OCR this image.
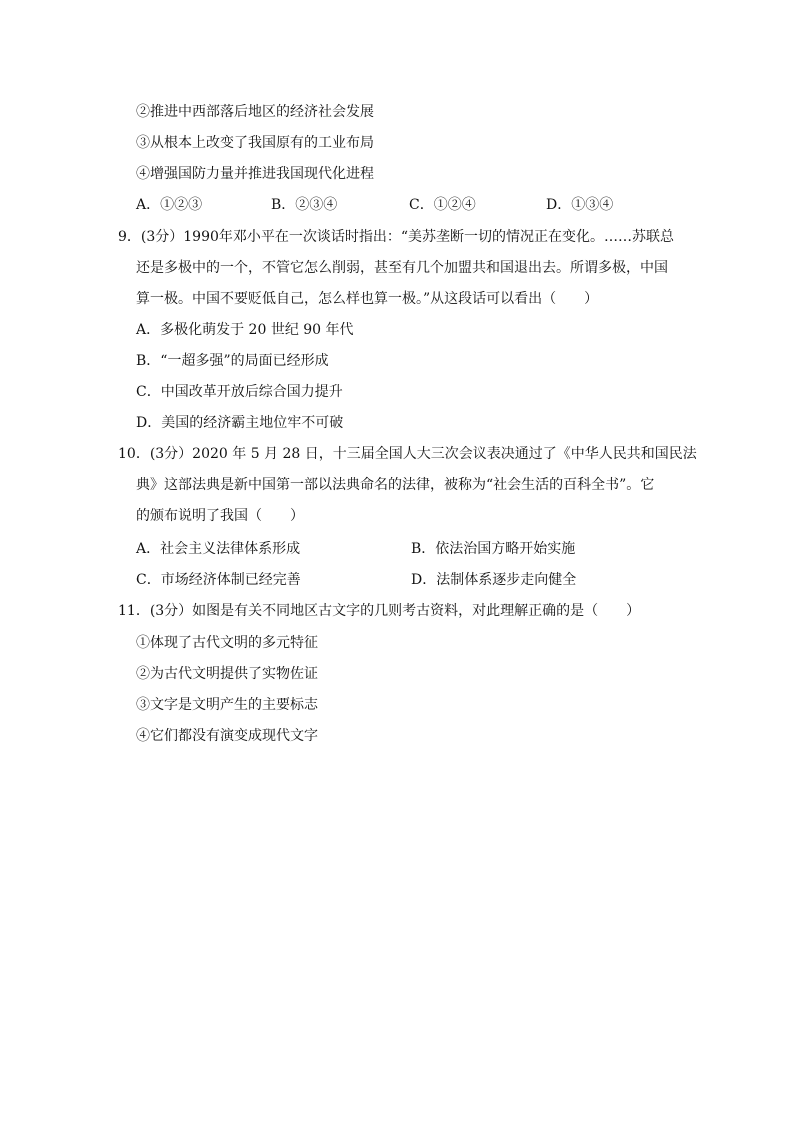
②推进中西部落后地区的经济社会发展
③从根本上改变了我国原有的工业布局
④增强国防力量并推进我国现代化进程
A．①②③	B．②③④	C．①②④	D．①③④
9．(3分）1990年邓小平在一次谈话时指出：“美苏垄断一切的情况正在变化。……苏联总
还是多极中的一个，不管它怎么削弱，甚至有几个加盟共和国退出去。所谓多极，中国
算一极。中国不要贬低自己，怎么样也算一极。”从这段话可以看出（　　）
A．多极化萌发于 20 世纪 90 年代
B．“一超多强”的局面已经形成
C．中国改革开放后综合国力提升
D．美国的经济霸主地位牢不可破
10．(3分）2020 年 5 月 28 日，十三届全国人大三次会议表决通过了《中华人民共和国民法
典》这部法典是新中国第一部以法典命名的法律，被称为“社会生活的百科全书”。它
的颁布说明了我国（　　）
A．社会主义法律体系形成	B．依法治国方略开始实施
C．市场经济体制已经完善	D．法制体系逐步走向健全
11．(3分）如图是有关不同地区古文字的几则考古资料，对此理解正确的是（　　）
①体现了古代文明的多元特征
②为古代文明提供了实物佐证
③文字是文明产生的主要标志
④它们都没有演变成现代文字
